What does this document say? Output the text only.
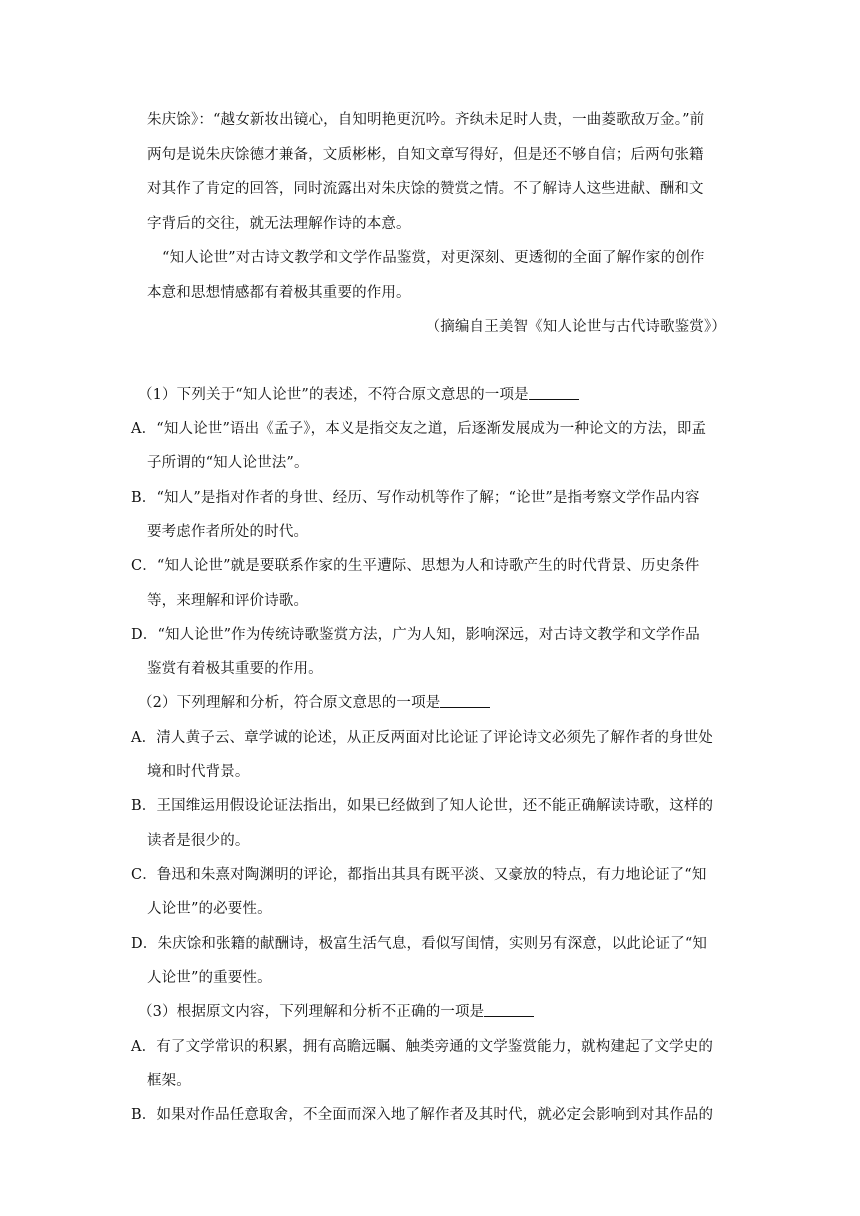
朱庆馀》：“越女新妆出镜心，自知明艳更沉吟。齐纨未足时人贵，一曲菱歌敌万金。”前
两句是说朱庆馀德才兼备，文质彬彬，自知文章写得好，但是还不够自信；后两句张籍
对其作了肯定的回答，同时流露出对朱庆馀的赞赏之情。不了解诗人这些进献、酬和文
字背后的交往，就无法理解作诗的本意。
“知人论世”对古诗文教学和文学作品鉴赏，对更深刻、更透彻的全面了解作家的创作
本意和思想情感都有着极其重要的作用。
（摘编自王美智《知人论世与古代诗歌鉴赏》）
（1）下列关于“知人论世”的表述，不符合原文意思的一项是
A．“知人论世”语出《孟子》，本义是指交友之道，后逐渐发展成为一种论文的方法，即孟
子所谓的“知人论世法”。
B．“知人”是指对作者的身世、经历、写作动机等作了解；“论世”是指考察文学作品内容
要考虑作者所处的时代。
C．“知人论世”就是要联系作家的生平遭际、思想为人和诗歌产生的时代背景、历史条件
等，来理解和评价诗歌。
D．“知人论世”作为传统诗歌鉴赏方法，广为人知，影响深远，对古诗文教学和文学作品
鉴赏有着极其重要的作用。
（2）下列理解和分析，符合原文意思的一项是
A．清人黄子云、章学诚的论述，从正反两面对比论证了评论诗文必须先了解作者的身世处
境和时代背景。
B．王国维运用假设论证法指出，如果已经做到了知人论世，还不能正确解读诗歌，这样的
读者是很少的。
C．鲁迅和朱熹对陶渊明的评论，都指出其具有既平淡、又豪放的特点，有力地论证了“知
人论世”的必要性。
D．朱庆馀和张籍的献酬诗，极富生活气息，看似写闺情，实则另有深意，以此论证了“知
人论世”的重要性。
（3）根据原文内容，下列理解和分析不正确的一项是
A．有了文学常识的积累，拥有高瞻远瞩、触类旁通的文学鉴赏能力，就构建起了文学史的
框架。
B．如果对作品任意取舍，不全面而深入地了解作者及其时代，就必定会影响到对其作品的
